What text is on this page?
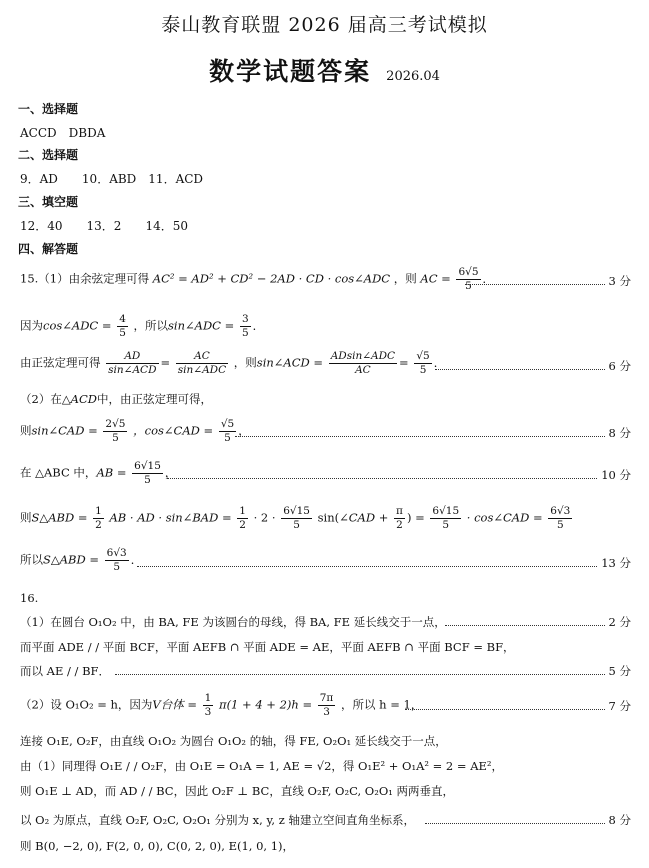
泰山教育联盟 2026 届高三考试模拟
数学试题答案 2026.04
一、选择题
ACCD　DBDA
二、选择题
9．AD　　10．ABD　11．ACD
三、填空题
12．40　　13．2　　14．50
四、解答题
15.（1）由余弦定理可得 AC² = AD² + CD² − 2AD · CD · cos∠ADC ，则 AC = $\frac{6√5}{5}$ ．	3 分
因为cos∠ADC = $\frac{4}{5}$ ，所以sin∠ADC = $\frac{3}{5}$ ．
由正弦定理可得 $\frac{AD}{\text{sin∠ACD}} = \frac{AC}{\text{sin∠ADC}}$ ，则sin∠ACD = $\frac{\text{ADsin∠ADC}}{AC} = \frac{√5}{5}$ ．	6 分
（2）在△ACD中，由正弦定理可得，
则sin∠CAD = $\frac{2√5}{5}$ ，cos∠CAD = $\frac{√5}{5}$ ，	8 分
在 △ABC 中，AB = $\frac{6√15}{5}$ ，	10 分
则S△ABD = $\frac{1}{2}$ AB · AD · sin∠BAD = $\frac{1}{2} \cdot 2 \cdot \frac{6√15}{5}$ sin(∠CAD + $\frac{\pi}{2}$ ) = $\frac{6√15}{5}$ · cos∠CAD = $\frac{6√3}{5}$
所以S△ABD = $\frac{6√3}{5}$ ．	13 分
16.
（1）在圆台 O₁O₂ 中，由 BA, FE 为该圆台的母线，得 BA, FE 延长线交于一点，	2 分
而平面 ADE / / 平面 BCF，平面 AEFB ∩ 平面 ADE = AE，平面 AEFB ∩ 平面 BCF = BF，
而以 AE / / BF．	5 分
（2）设 O₁O₂ = h，因为V台体 = $\frac{1}{3} \pi(1 + 4 + 2)h = \frac{7\pi}{3}$ ，所以 h = 1，	7 分
连接 O₁E, O₂F，由直线 O₁O₂ 为圆台 O₁O₂ 的轴，得 FE, O₂O₁ 延长线交于一点，
由（1）同理得 O₁E / / O₂F，由 O₁E = O₁A = 1, AE = √2，得 O₁E² + O₁A² = 2 = AE²，
则 O₁E ⊥ AD，而 AD / / BC，因此 O₂F ⊥ BC，直线 O₂F, O₂C, O₂O₁ 两两垂直，
以 O₂ 为原点，直线 O₂F, O₂C, O₂O₁ 分别为 x, y, z 轴建立空间直角坐标系，	8 分
则 B(0, −2, 0), F(2, 0, 0), C(0, 2, 0), E(1, 0, 1)，
